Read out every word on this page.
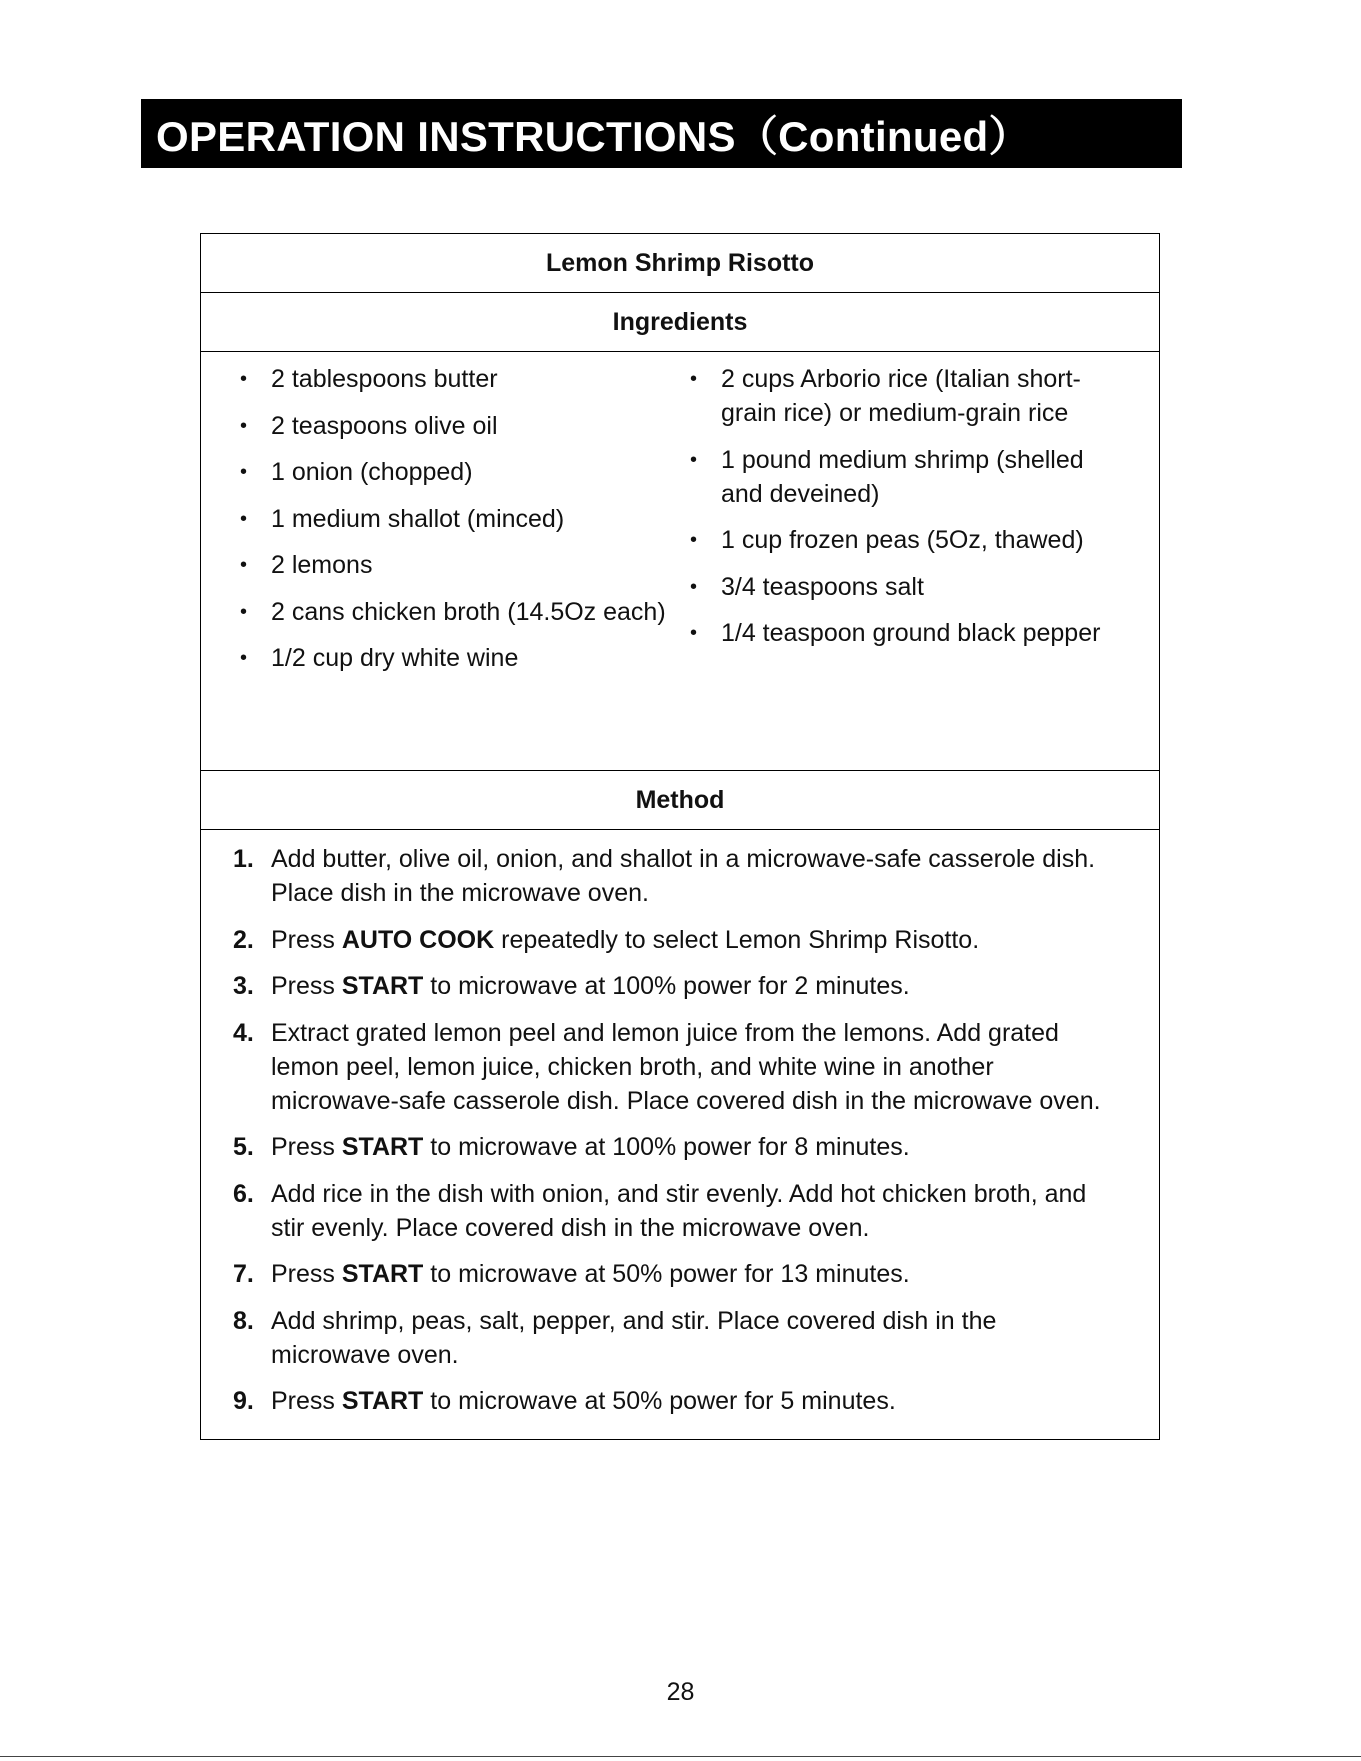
OPERATION INSTRUCTIONS（Continued）
Lemon Shrimp Risotto
Ingredients
• 2 tablespoons butter
• 2 teaspoons olive oil
• 1 onion (chopped)
• 1 medium shallot (minced)
• 2 lemons
• 2 cans chicken broth (14.5Oz each)
• 1/2 cup dry white wine
• 2 cups Arborio rice (Italian short-grain rice) or medium-grain rice
• 1 pound medium shrimp (shelled and deveined)
• 1 cup frozen peas (5Oz, thawed)
• 3/4 teaspoons salt
• 1/4 teaspoon ground black pepper
Method
1. Add butter, olive oil, onion, and shallot in a microwave-safe casserole dish. Place dish in the microwave oven.
2. Press AUTO COOK repeatedly to select Lemon Shrimp Risotto.
3. Press START to microwave at 100% power for 2 minutes.
4. Extract grated lemon peel and lemon juice from the lemons. Add grated lemon peel, lemon juice, chicken broth, and white wine in another microwave-safe casserole dish. Place covered dish in the microwave oven.
5. Press START to microwave at 100% power for 8 minutes.
6. Add rice in the dish with onion, and stir evenly. Add hot chicken broth, and stir evenly. Place covered dish in the microwave oven.
7. Press START to microwave at 50% power for 13 minutes.
8. Add shrimp, peas, salt, pepper, and stir. Place covered dish in the microwave oven.
9. Press START to microwave at 50% power for 5 minutes.
28
